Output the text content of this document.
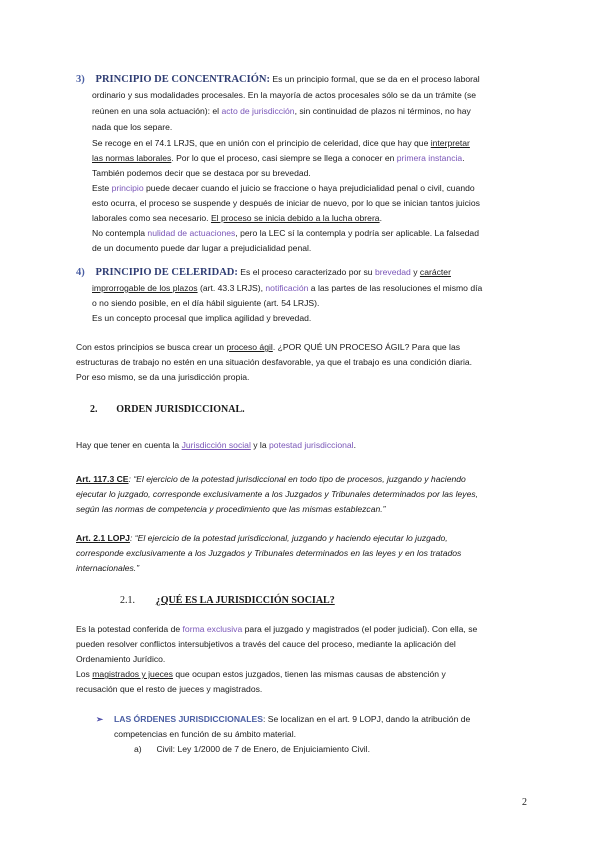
3) PRINCIPIO DE CONCENTRACIÓN: Es un principio formal, que se da en el proceso laboral
ordinario y sus modalidades procesales. En la mayoría de actos procesales sólo se da un trámite (se
reúnen en una sola actuación): el acto de jurisdicción, sin continuidad de plazos ni términos, no hay
nada que los separe.
Se recoge en el 74.1 LRJS, que en unión con el principio de celeridad, dice que hay que interpretar
las normas laborales. Por lo que el proceso, casi siempre se llega a conocer en primera instancia.
También podemos decir que se destaca por su brevedad.
Este principio puede decaer cuando el juicio se fraccione o haya prejudicialidad penal o civil, cuando
esto ocurra, el proceso se suspende y después de iniciar de nuevo, por lo que se inician tantos juicios
laborales como sea necesario. El proceso se inicia debido a la lucha obrera.
No contempla nulidad de actuaciones, pero la LEC sí la contempla y podría ser aplicable. La falsedad
de un documento puede dar lugar a prejudicialidad penal.
4) PRINCIPIO DE CELERIDAD: Es el proceso caracterizado por su brevedad y carácter
improrrogable de los plazos (art. 43.3 LRJS), notificación a las partes de las resoluciones el mismo día
o no siendo posible, en el día hábil siguiente (art. 54 LRJS).
Es un concepto procesal que implica agilidad y brevedad.
Con estos principios se busca crear un proceso ágil. ¿POR QUÉ UN PROCESO ÁGIL? Para que las
estructuras de trabajo no estén en una situación desfavorable, ya que el trabajo es una condición diaria.
Por eso mismo, se da una jurisdicción propia.
2. ORDEN JURISDICCIONAL.
Hay que tener en cuenta la Jurisdicción social y la potestad jurisdiccional.
Art. 117.3 CE: “El ejercicio de la potestad jurisdiccional en todo tipo de procesos, juzgando y haciendo
ejecutar lo juzgado, corresponde exclusivamente a los Juzgados y Tribunales determinados por las leyes,
según las normas de competencia y procedimiento que las mismas establezcan.”
Art. 2.1 LOPJ: “El ejercicio de la potestad jurisdiccional, juzgando y haciendo ejecutar lo juzgado,
corresponde exclusivamente a los Juzgados y Tribunales determinados en las leyes y en los tratados
internacionales.”
2.1. ¿QUÉ ES LA JURISDICCIÓN SOCIAL?
Es la potestad conferida de forma exclusiva para el juzgado y magistrados (el poder judicial). Con ella, se
pueden resolver conflictos intersubjetivos a través del cauce del proceso, mediante la aplicación del
Ordenamiento Jurídico.
Los magistrados y jueces que ocupan estos juzgados, tienen las mismas causas de abstención y
recusación que el resto de jueces y magistrados.
➢ LAS ÓRDENES JURISDICCIONALES: Se localizan en el art. 9 LOPJ, dando la atribución de
competencias en función de su ámbito material.
a) Civil: Ley 1/2000 de 7 de Enero, de Enjuiciamiento Civil.
2
